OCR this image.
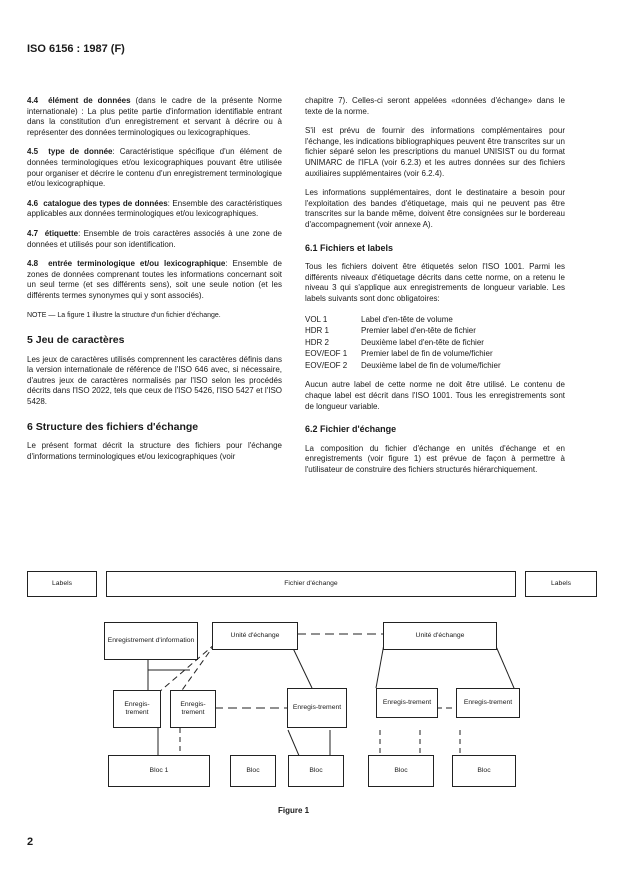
ISO 6156 : 1987 (F)

4.4 élément de données (dans le cadre de la présente Norme internationale) : La plus petite partie d'information identifiable entrant dans la constitution d'un enregistrement et servant à décrire ou à représenter des données terminologiques ou lexicographiques.

4.5 type de donnée: Caractéristique spécifique d'un élément de données terminologiques et/ou lexicographiques pouvant être utilisée pour organiser et décrire le contenu d'un enregistrement terminologique et/ou lexicographique.

4.6 catalogue des types de données: Ensemble des caractéristiques applicables aux données terminologiques et/ou lexicographiques.

4.7 étiquette: Ensemble de trois caractères associés à une zone de données et utilisés pour son identification.

4.8 entrée terminologique et/ou lexicographique: Ensemble de zones de données comprenant toutes les informations concernant soit un seul terme (et ses différents sens), soit une seule notion (et les différents termes synonymes qui y sont associés).

NOTE — La figure 1 illustre la structure d'un fichier d'échange.

5 Jeu de caractères

Les jeux de caractères utilisés comprennent les caractères définis dans la version internationale de référence de l'ISO 646 avec, si nécessaire, d'autres jeux de caractères normalisés par l'ISO selon les procédés décrits dans l'ISO 2022, tels que ceux de l'ISO 5426, l'ISO 5427 et l'ISO 5428.

6 Structure des fichiers d'échange

Le présent format décrit la structure des fichiers pour l'échange d'informations terminologiques et/ou lexicographiques (voir

chapitre 7). Celles-ci seront appelées «données d'échange» dans le texte de la norme.

S'il est prévu de fournir des informations complémentaires pour l'échange, les indications bibliographiques peuvent être transcrites sur un fichier séparé selon les prescriptions du manuel UNISIST ou du format UNIMARC de l'IFLA (voir 6.2.3) et les autres données sur des fichiers auxiliaires supplémentaires (voir 6.2.4).

Les informations supplémentaires, dont le destinataire a besoin pour l'exploitation des bandes d'étiquetage, mais qui ne peuvent pas être transcrites sur la bande même, doivent être consignées sur le bordereau d'accompagnement (voir annexe A).

6.1 Fichiers et labels

Tous les fichiers doivent être étiquetés selon l'ISO 1001. Parmi les différents niveaux d'étiquetage décrits dans cette norme, on a retenu le niveau 3 qui s'applique aux enregistrements de longueur variable. Les labels suivants sont donc obligatoires:

VOL 1	Label d'en-tête de volume
HDR 1	Premier label d'en-tête de fichier
HDR 2	Deuxième label d'en-tête de fichier
EOV/EOF 1	Premier label de fin de volume/fichier
EOV/EOF 2	Deuxième label de fin de volume/fichier

Aucun autre label de cette norme ne doit être utilisé. Le contenu de chaque label est décrit dans l'ISO 1001. Tous les enregistrements sont de longueur variable.

6.2 Fichier d'échange

La composition du fichier d'échange en unités d'échange et en enregistrements (voir figure 1) est prévue de façon à permettre à l'utilisateur de construire des fichiers structurés hiérarchiquement.

Labels	Fichier d'échange	Labels
Enregistrement d'information
Unité d'échange	Unité d'échange
Enregis-trement
Enregis-trement
Enregis-trement
Enregis-trement	Enregis-trement
Bloc 1	Bloc	Bloc	Bloc	Bloc
Figure 1
2
